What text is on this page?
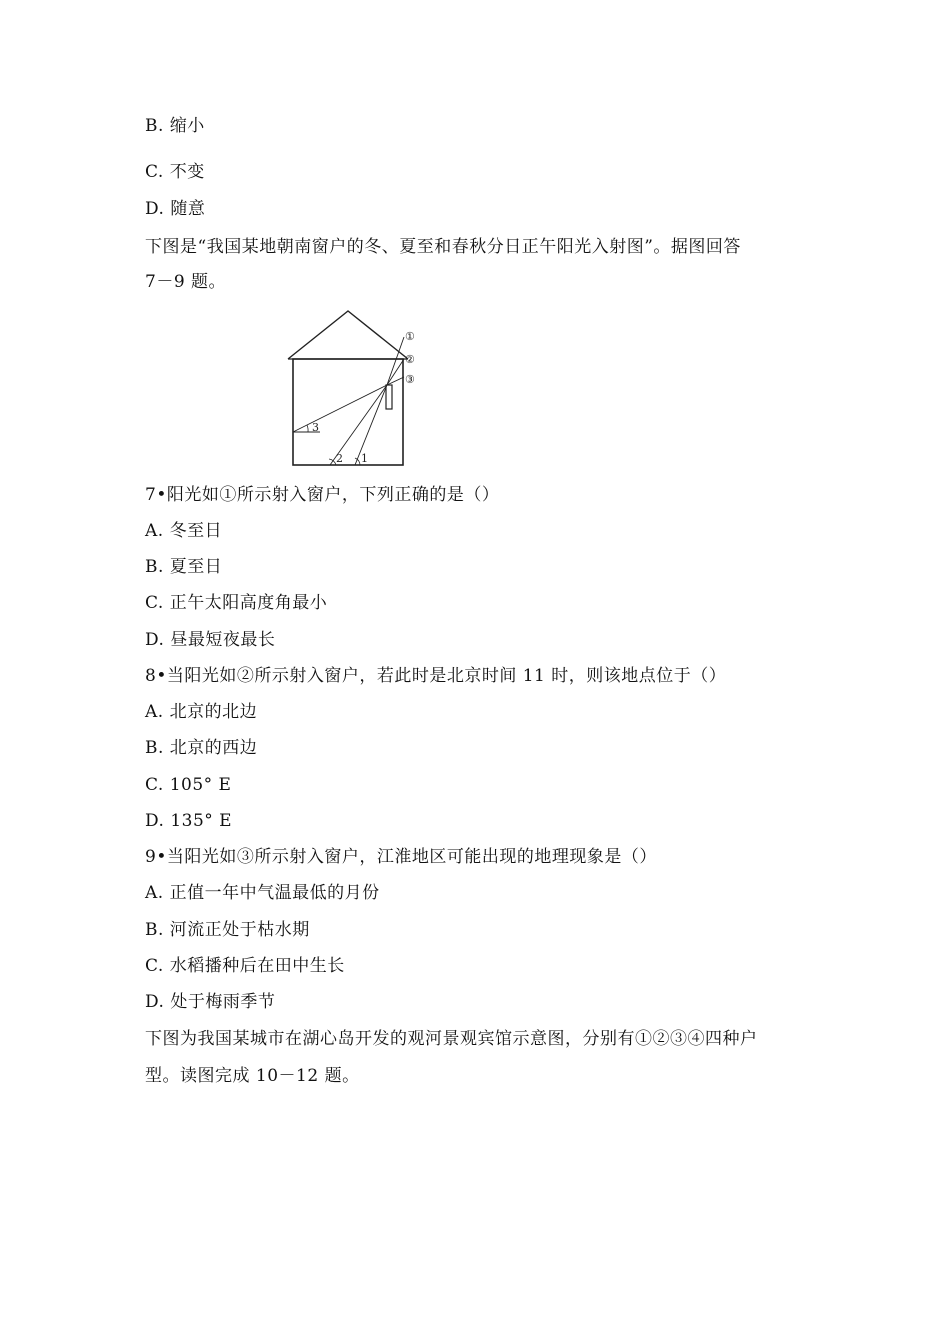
B. 缩小
C. 不变
D. 随意
下图是“我国某地朝南窗户的冬、夏至和春秋分日正午阳光入射图”。据图回答
7－9 题。
3
2 1
①
②
③
7•阳光如①所示射入窗户，下列正确的是（）
A. 冬至日
B. 夏至日
C. 正午太阳高度角最小
D. 昼最短夜最长
8•当阳光如②所示射入窗户，若此时是北京时间 11 时，则该地点位于（）
A. 北京的北边
B. 北京的西边
C. 105° E
D. 135° E
9•当阳光如③所示射入窗户，江淮地区可能出现的地理现象是（）
A. 正值一年中气温最低的月份
B. 河流正处于枯水期
C. 水稻播种后在田中生长
D. 处于梅雨季节
下图为我国某城市在湖心岛开发的观河景观宾馆示意图，分别有①②③④四种户
型。读图完成 10－12 题。
